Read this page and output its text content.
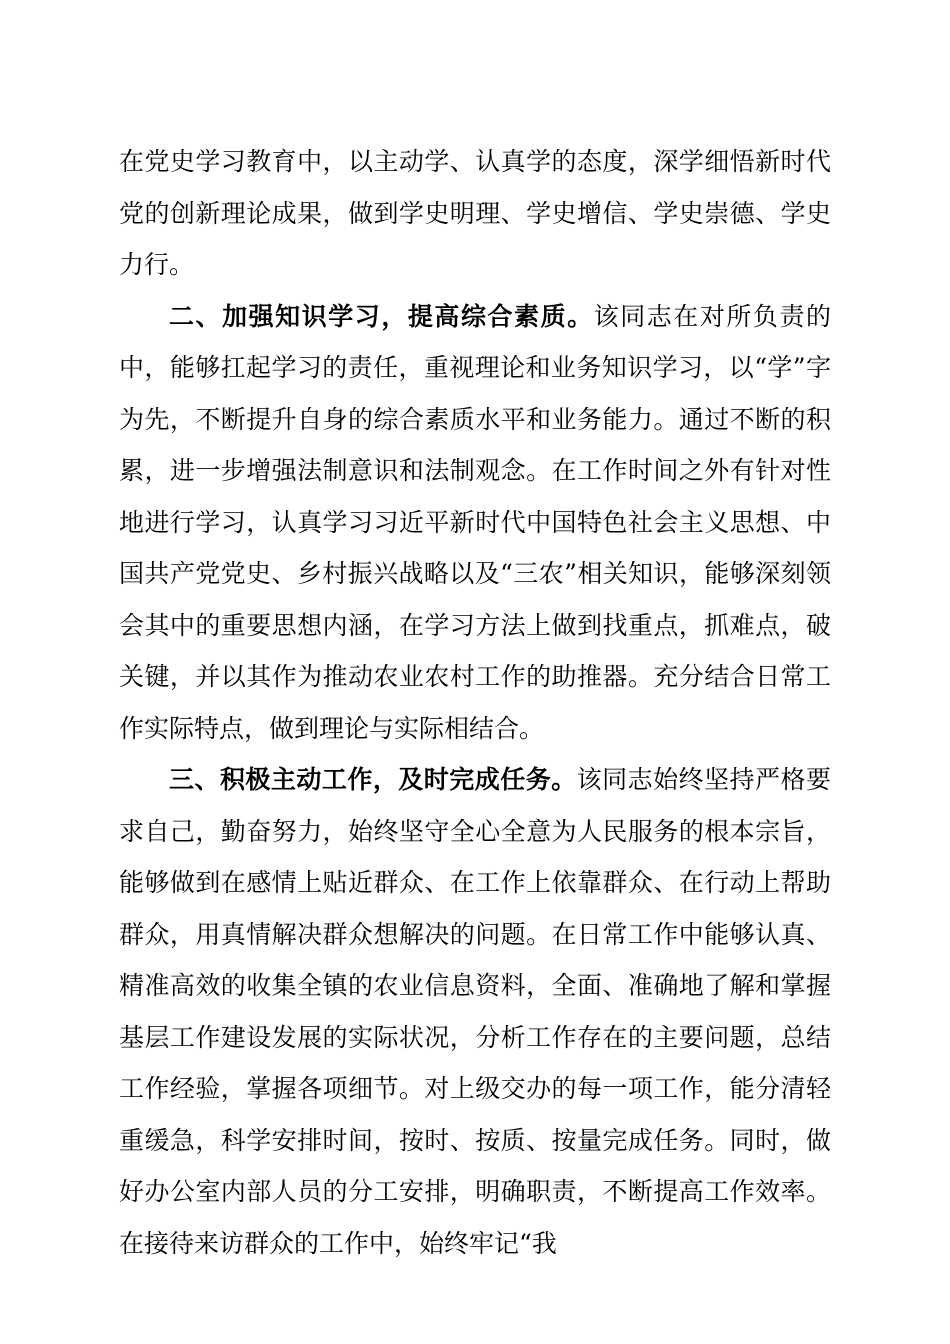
在党史学习教育中，以主动学、认真学的态度，深学细悟新时代党的创新理论成果，做到学史明理、学史增信、学史崇德、学史力行。

二、加强知识学习，提高综合素质。该同志在对所负责的中，能够扛起学习的责任，重视理论和业务知识学习，以“学”字为先，不断提升自身的综合素质水平和业务能力。通过不断的积累，进一步增强法制意识和法制观念。在工作时间之外有针对性地进行学习，认真学习习近平新时代中国特色社会主义思想、中国共产党党史、乡村振兴战略以及“三农”相关知识，能够深刻领会其中的重要思想内涵，在学习方法上做到找重点，抓难点，破关键，并以其作为推动农业农村工作的助推器。充分结合日常工作实际特点，做到理论与实际相结合。

三、积极主动工作，及时完成任务。该同志始终坚持严格要求自己，勤奋努力，始终坚守全心全意为人民服务的根本宗旨，能够做到在感情上贴近群众、在工作上依靠群众、在行动上帮助群众，用真情解决群众想解决的问题。在日常工作中能够认真、精准高效的收集全镇的农业信息资料，全面、准确地了解和掌握基层工作建设发展的实际状况，分析工作存在的主要问题，总结工作经验，掌握各项细节。对上级交办的每一项工作，能分清轻重缓急，科学安排时间，按时、按质、按量完成任务。同时，做好办公室内部人员的分工安排，明确职责，不断提高工作效率。在接待来访群众的工作中，始终牢记“我
